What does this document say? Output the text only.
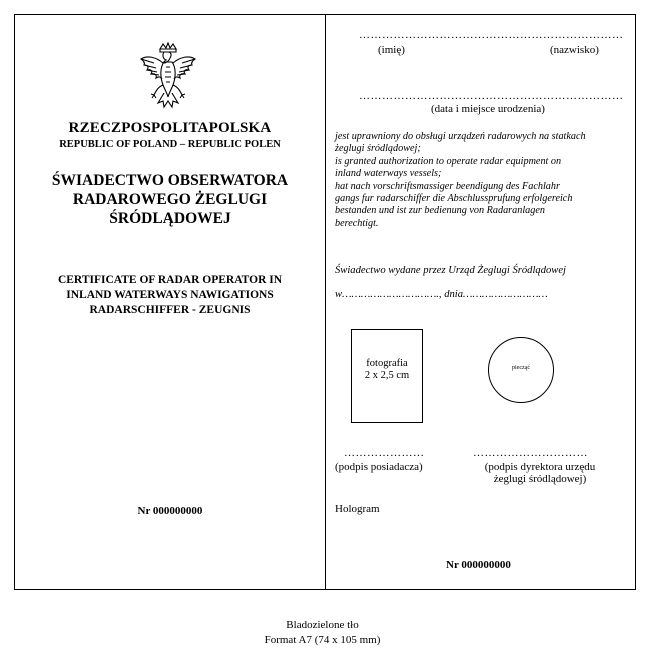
RZECZPOSPOLITAPOLSKA
REPUBLIC OF POLAND – REPUBLIC POLEN
ŚWIADECTWO OBSERWATORA
RADAROWEGO ŻEGLUGI
ŚRÓDLĄDOWEJ
CERTIFICATE OF RADAR OPERATOR IN
INLAND WATERWAYS NAWIGATIONS
RADARSCHIFFER - ZEUGNIS
Nr 000000000
……………………………………………………………
(imię)	(nazwisko)
……………………………………………………………
(data i miejsce urodzenia)
jest uprawniony do obsługi urządzeń radarowych na statkach
żeglugi śródlądowej;
is granted authorization to operate radar equipment on
inland waterways vessels;
hat nach vorschriftsmassiger beendigung des Fachlahr
gangs fur radarschiffer die Abschlussprufung erfolgereich
bestanden und ist zur bedienung von Radaranlagen
berechtigt.
Świadectwo wydane przez Urząd Żeglugi Śródlądowej
w…………………………., dnia………………………
fotografia
2 x 2,5 cm
piecząć
…………………
(podpis posiadacza)
…………………………
(podpis dyrektora urzędu
żeglugi śródlądowej)
Hologram
Nr 000000000
Bladozielone tło
Format A7 (74 x 105 mm)
